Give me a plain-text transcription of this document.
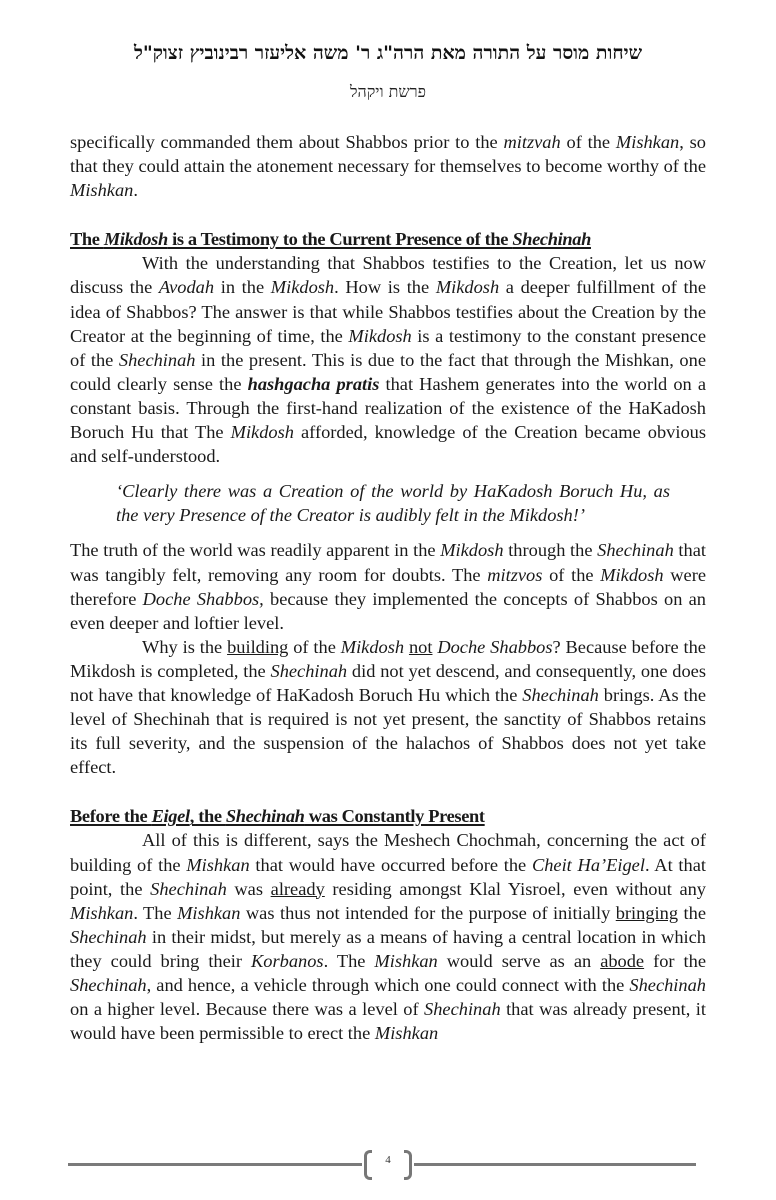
שיחות מוסר על התורה מאת הרה"ג ר' משה אליעזר רבינוביץ זצוק"ל
פרשת ויקהל

specifically commanded them about Shabbos prior to the mitzvah of the Mishkan, so that they could attain the atonement necessary for themselves to become worthy of the Mishkan.

The Mikdosh is a Testimony to the Current Presence of the Shechinah

With the understanding that Shabbos testifies to the Creation, let us now discuss the Avodah in the Mikdosh. How is the Mikdosh a deeper fulfillment of the idea of Shabbos? The answer is that while Shabbos testifies about the Creation by the Creator at the beginning of time, the Mikdosh is a testimony to the constant presence of the Shechinah in the present. This is due to the fact that through the Mishkan, one could clearly sense the hashgacha pratis that Hashem generates into the world on a constant basis. Through the first-hand realization of the existence of the HaKadosh Boruch Hu that The Mikdosh afforded, knowledge of the Creation became obvious and self-understood.

‘Clearly there was a Creation of the world by HaKadosh Boruch Hu, as the very Presence of the Creator is audibly felt in the Mikdosh!’

The truth of the world was readily apparent in the Mikdosh through the Shechinah that was tangibly felt, removing any room for doubts. The mitzvos of the Mikdosh were therefore Doche Shabbos, because they implemented the concepts of Shabbos on an even deeper and loftier level.

Why is the building of the Mikdosh not Doche Shabbos? Because before the Mikdosh is completed, the Shechinah did not yet descend, and consequently, one does not have that knowledge of HaKadosh Boruch Hu which the Shechinah brings. As the level of Shechinah that is required is not yet present, the sanctity of Shabbos retains its full severity, and the suspension of the halachos of Shabbos does not yet take effect.

Before the Eigel, the Shechinah was Constantly Present

All of this is different, says the Meshech Chochmah, concerning the act of building of the Mishkan that would have occurred before the Cheit Ha’Eigel. At that point, the Shechinah was already residing amongst Klal Yisroel, even without any Mishkan. The Mishkan was thus not intended for the purpose of initially bringing the Shechinah in their midst, but merely as a means of having a central location in which they could bring their Korbanos. The Mishkan would serve as an abode for the Shechinah, and hence, a vehicle through which one could connect with the Shechinah on a higher level. Because there was a level of Shechinah that was already present, it would have been permissible to erect the Mishkan

4
